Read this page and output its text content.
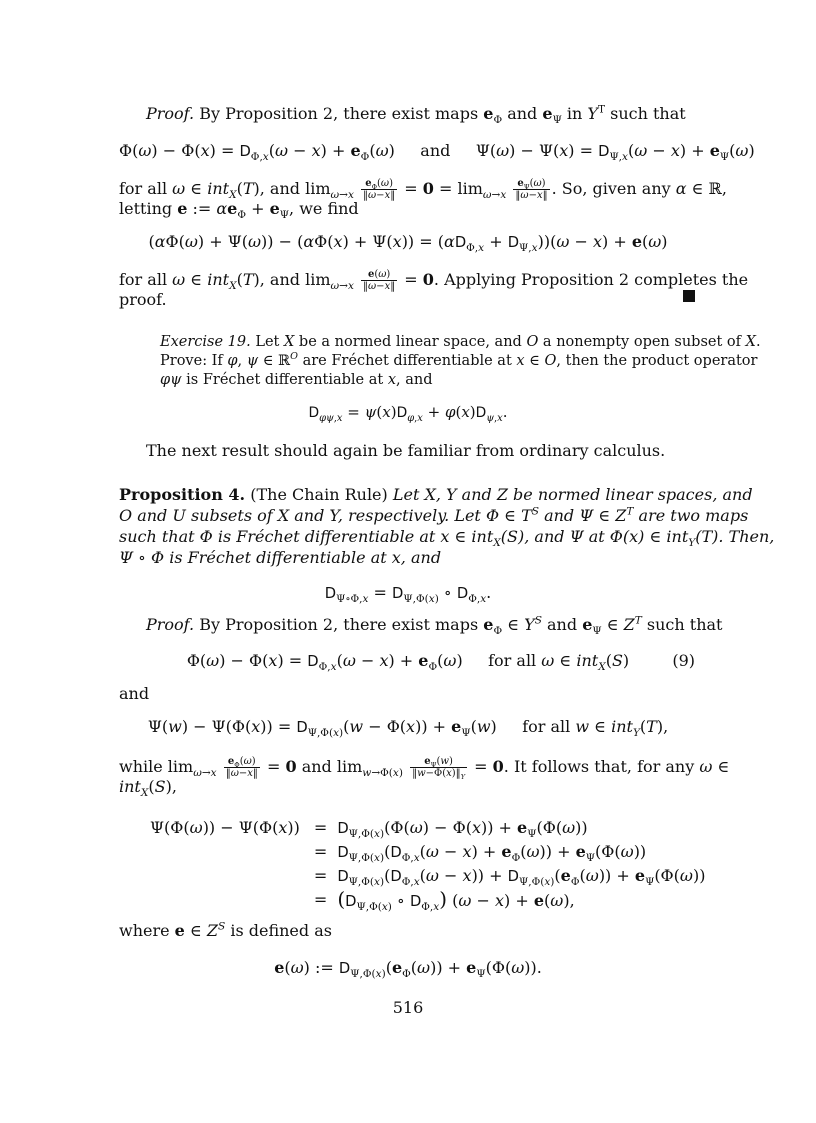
Proof. By Proposition 2, there exist maps $e_\Phi$ and $e_\Psi$ in $Y^T$ such that
$\Phi(\omega) - \Phi(x) = D_{\Phi,x}(\omega - x) + e_\Phi(\omega)$     and     $\Psi(\omega) - \Psi(x) = D_{\Psi,x}(\omega - x) + e_\Psi(\omega)$
for all ω ∈ int$_X$(T), and $\lim_{\omega\to x} \frac{e_\Phi(\omega)}{‖\omega-x‖} = 0 = \lim_{\omega\to x} \frac{e_\Psi(\omega)}{‖\omega-x‖}$ . So, given any α ∈ ℝ,
letting e := $\alpha e_\Phi + e_\Psi$, we find
$(\alpha\Phi(\omega) + \Psi(\omega)) - (\alpha\Phi(x) + \Psi(x)) = (\alpha D_{\Phi,x} + D_{\Psi,x}))(\omega - x) + e(\omega)$
for all ω ∈ int$_X$(T), and $\lim_{\omega\to x} \frac{e(\omega)}{‖\omega-x‖} = 0$. Applying Proposition 2 completes the
proof.
Exercise 19. Let X be a normed linear space, and O a nonempty open subset of X.
Prove: If φ, ψ ∈ ℝ$^O$ are Fréchet differentiable at x ∈ O, then the product operator
φψ is Fréchet differentiable at x, and
$D_{\varphi\psi,x} = \psi(x)D_{\varphi,x} + \varphi(x)D_{\psi,x}$.
The next result should again be familiar from ordinary calculus.
Proposition 4. (The Chain Rule) Let X, Y and Z be normed linear spaces, and
O and U subsets of X and Y, respectively. Let Φ ∈ $T^S$ and Ψ ∈ $Z^T$ are two maps
such that Φ is Fréchet differentiable at x ∈ int$_X$(S), and Ψ at Φ(x) ∈ int$_Y$(T). Then,
Ψ ∘ Φ is Fréchet differentiable at x, and
$D_{\Psi\circ\Phi,x} = D_{\Psi,\Phi(x)}$ ∘ $D_{\Phi,x}$.
Proof. By Proposition 2, there exist maps $e_\Phi$ ∈ $Y^S$ and $e_\Psi$ ∈ $Z^T$ such that
$\Phi(\omega) - \Phi(x) = D_{\Phi,x}(\omega - x) + e_\Phi(\omega)$     for all ω ∈ int$_X$(S)	(9)
and
$\Psi(w) - \Psi(\Phi(x)) = D_{\Psi,\Phi(x)}(w - \Phi(x)) + e_\Psi(w)$     for all w ∈ int$_Y$(T),
while $\lim_{\omega\to x} \frac{e_\Phi(\omega)}{‖\omega-x‖} = 0$ and $\lim_{w\to\Phi(x)} \frac{e_\Psi(w)}{‖w-\Phi(x)‖_Y} = 0$. It follows that, for any ω ∈
int$_X$(S),
Ψ(Φ(ω)) − Ψ(Φ(x))	=	$D_{\Psi,\Phi(x)}(\Phi(\omega) - \Phi(x)) + e_\Psi(\Phi(\omega))$
	=	$D_{\Psi,\Phi(x)}(D_{\Phi,x}(\omega - x) + e_\Phi(\omega)) + e_\Psi(\Phi(\omega))$
	=	$D_{\Psi,\Phi(x)}(D_{\Phi,x}(\omega - x)) + D_{\Psi,\Phi(x)}(e_\Phi(\omega)) + e_\Psi(\Phi(\omega))$
	=	($D_{\Psi,\Phi(x)}$ ∘ $D_{\Phi,x}$) (ω − x) + e(ω),
where e ∈ $Z^S$ is defined as
e(ω) := $D_{\Psi,\Phi(x)}(e_\Phi(\omega)) + e_\Psi(\Phi(\omega))$.
516
